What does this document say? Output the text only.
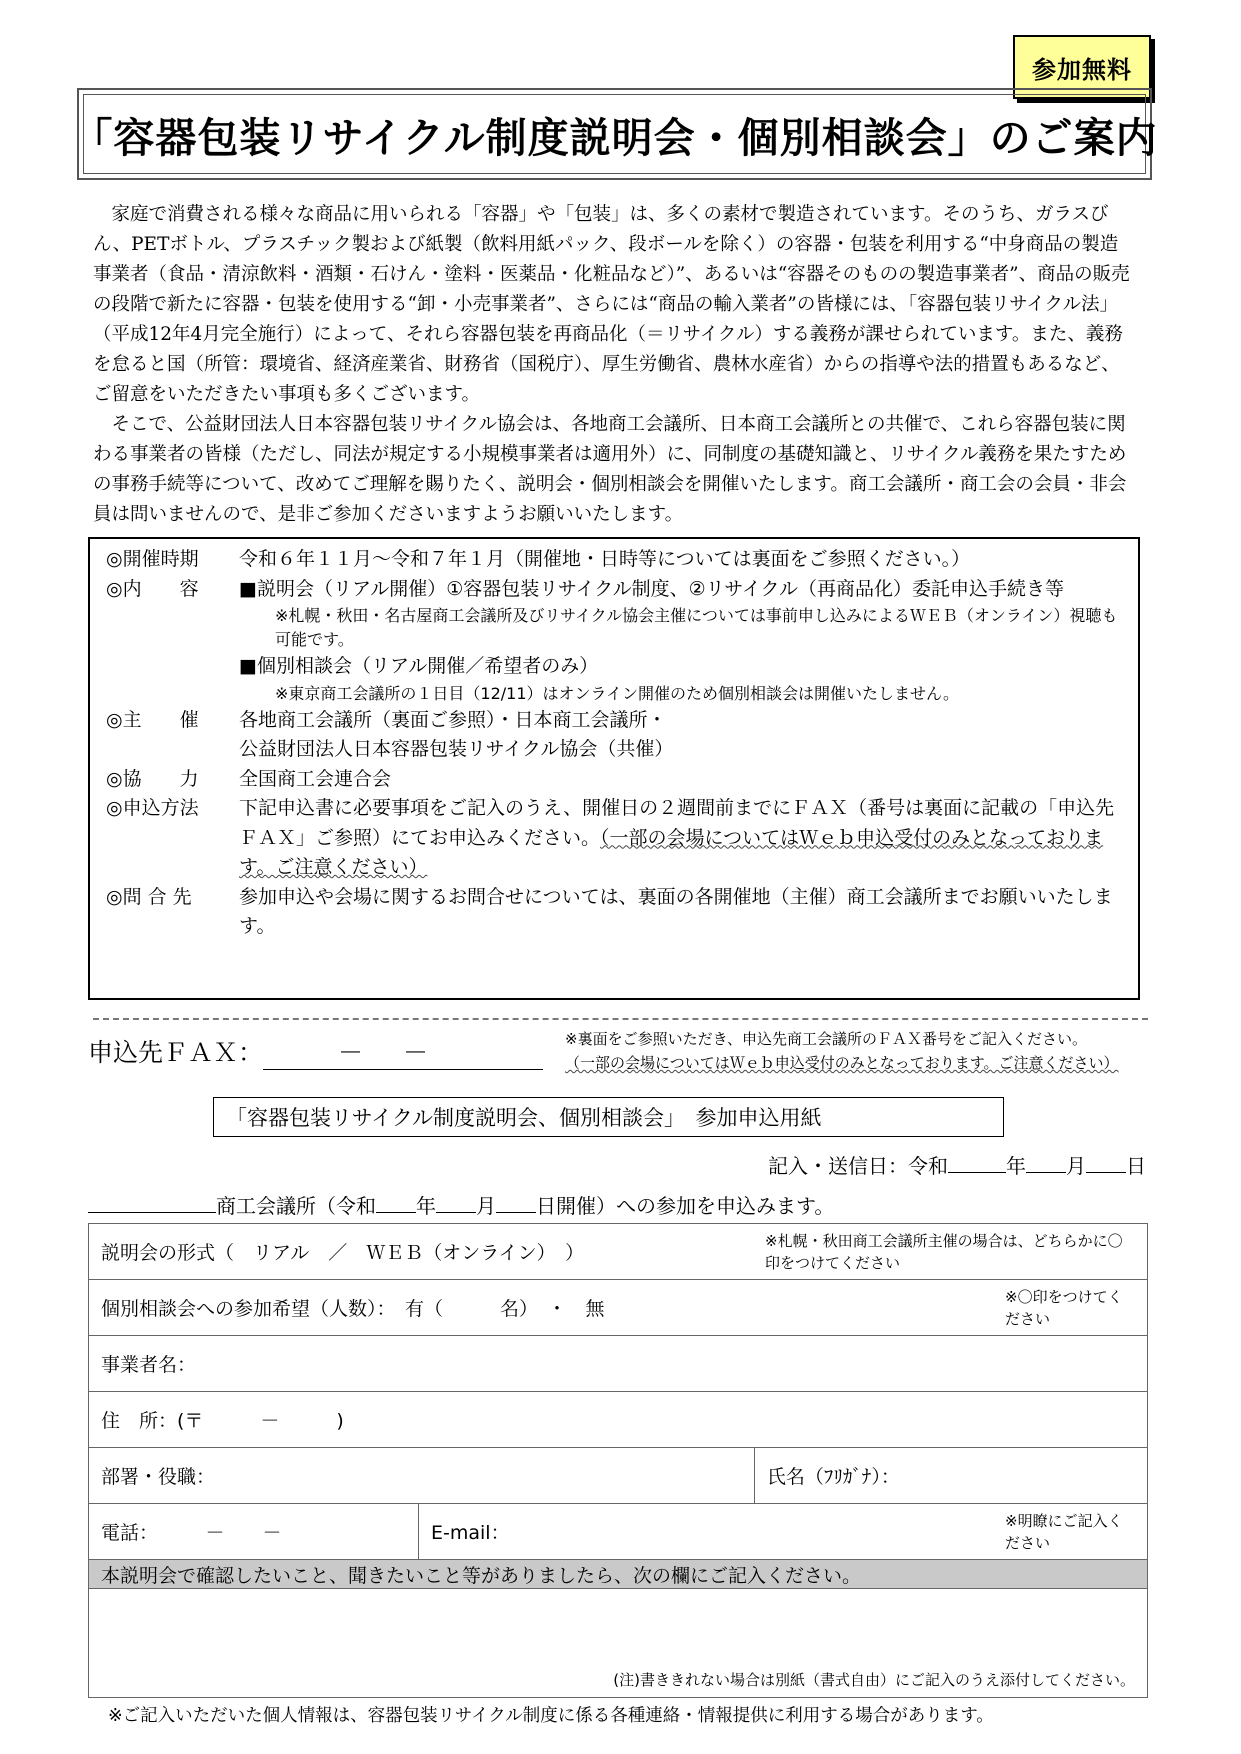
参加無料
「容器包装リサイクル制度説明会・個別相談会」のご案内

家庭で消費される様々な商品に用いられる「容器」や「包装」は、多くの素材で製造されています。そのうち、ガラスびん、PETボトル、プラスチック製および紙製（飲料用紙パック、段ボールを除く）の容器・包装を利用する“中身商品の製造事業者（食品・清涼飲料・酒類・石けん・塗料・医薬品・化粧品など）”、あるいは“容器そのものの製造事業者”、商品の販売の段階で新たに容器・包装を使用する“卸・小売事業者”、さらには“商品の輸入業者”の皆様には、「容器包装リサイクル法」（平成12年4月完全施行）によって、それら容器包装を再商品化（＝リサイクル）する義務が課せられています。また、義務を怠ると国（所管：環境省、経済産業省、財務省（国税庁）、厚生労働省、農林水産省）からの指導や法的措置もあるなど、ご留意をいただきたい事項も多くございます。

そこで、公益財団法人日本容器包装リサイクル協会は、各地商工会議所、日本商工会議所との共催で、これら容器包装に関わる事業者の皆様（ただし、同法が規定する小規模事業者は適用外）に、同制度の基礎知識と、リサイクル義務を果たすための事務手続等について、改めてご理解を賜りたく、説明会・個別相談会を開催いたします。商工会議所・商工会の会員・非会員は問いませんので、是非ご参加くださいますようお願いいたします。

◎開催時期	令和６年１１月～令和７年１月（開催地・日時等については裏面をご参照ください。）
◎内　　容	■説明会（リアル開催）①容器包装リサイクル制度、②リサイクル（再商品化）委託申込手続き等
※札幌・秋田・名古屋商工会議所及びリサイクル協会主催については事前申し込みによるＷＥＢ（オンライン）視聴も可能です。
■個別相談会（リアル開催／希望者のみ）
※東京商工会議所の１日目（12/11）はオンライン開催のため個別相談会は開催いたしません。
◎主　　催	各地商工会議所（裏面ご参照）・日本商工会議所・
公益財団法人日本容器包装リサイクル協会（共催）
◎協　　力	全国商工会連合会
◎申込方法	下記申込書に必要事項をご記入のうえ、開催日の２週間前までにＦＡＸ（番号は裏面に記載の「申込先ＦＡＸ」ご参照）にてお申込みください。（一部の会場についてはＷｅｂ申込受付のみとなっております。ご注意ください）
◎問 合 先	参加申込や会場に関するお問合せについては、裏面の各開催地（主催）商工会議所までお願いいたします。
申込先ＦＡＸ：	－－	※裏面をご参照いただき、申込先商工会議所のＦＡＸ番号をご記入ください。
（一部の会場についてはＷｅｂ申込受付のみとなっております。ご注意ください）
「容器包装リサイクル制度説明会、個別相談会」　参加申込用紙
記入・送信日：令和	年 月 日
商工会議所（令和 年 月 日開催）への参加を申込みます。
説明会の形式（　リアル　／　ＷＥＢ（オンライン）　）
※札幌・秋田商工会議所主催の場合は、どちらかに〇印をつけてください		

個別相談会への参加希望（人数）：　有（　　　名）　・　無
※〇印をつけてください		

事業者名：		
住　所：(〒　　　－　　　)		
部署・役職：		氏名（ﾌﾘｶﾞﾅ）：
電話：　　　－　　－	E-mail：
※明瞭にご記入ください	

本説明会で確認したいこと、聞きたいこと等がありましたら、次の欄にご記入ください。		
(注)書ききれない場合は別紙（書式自由）にご記入のうえ添付してください。		
※ご記入いただいた個人情報は、容器包装リサイクル制度に係る各種連絡・情報提供に利用する場合があります。
